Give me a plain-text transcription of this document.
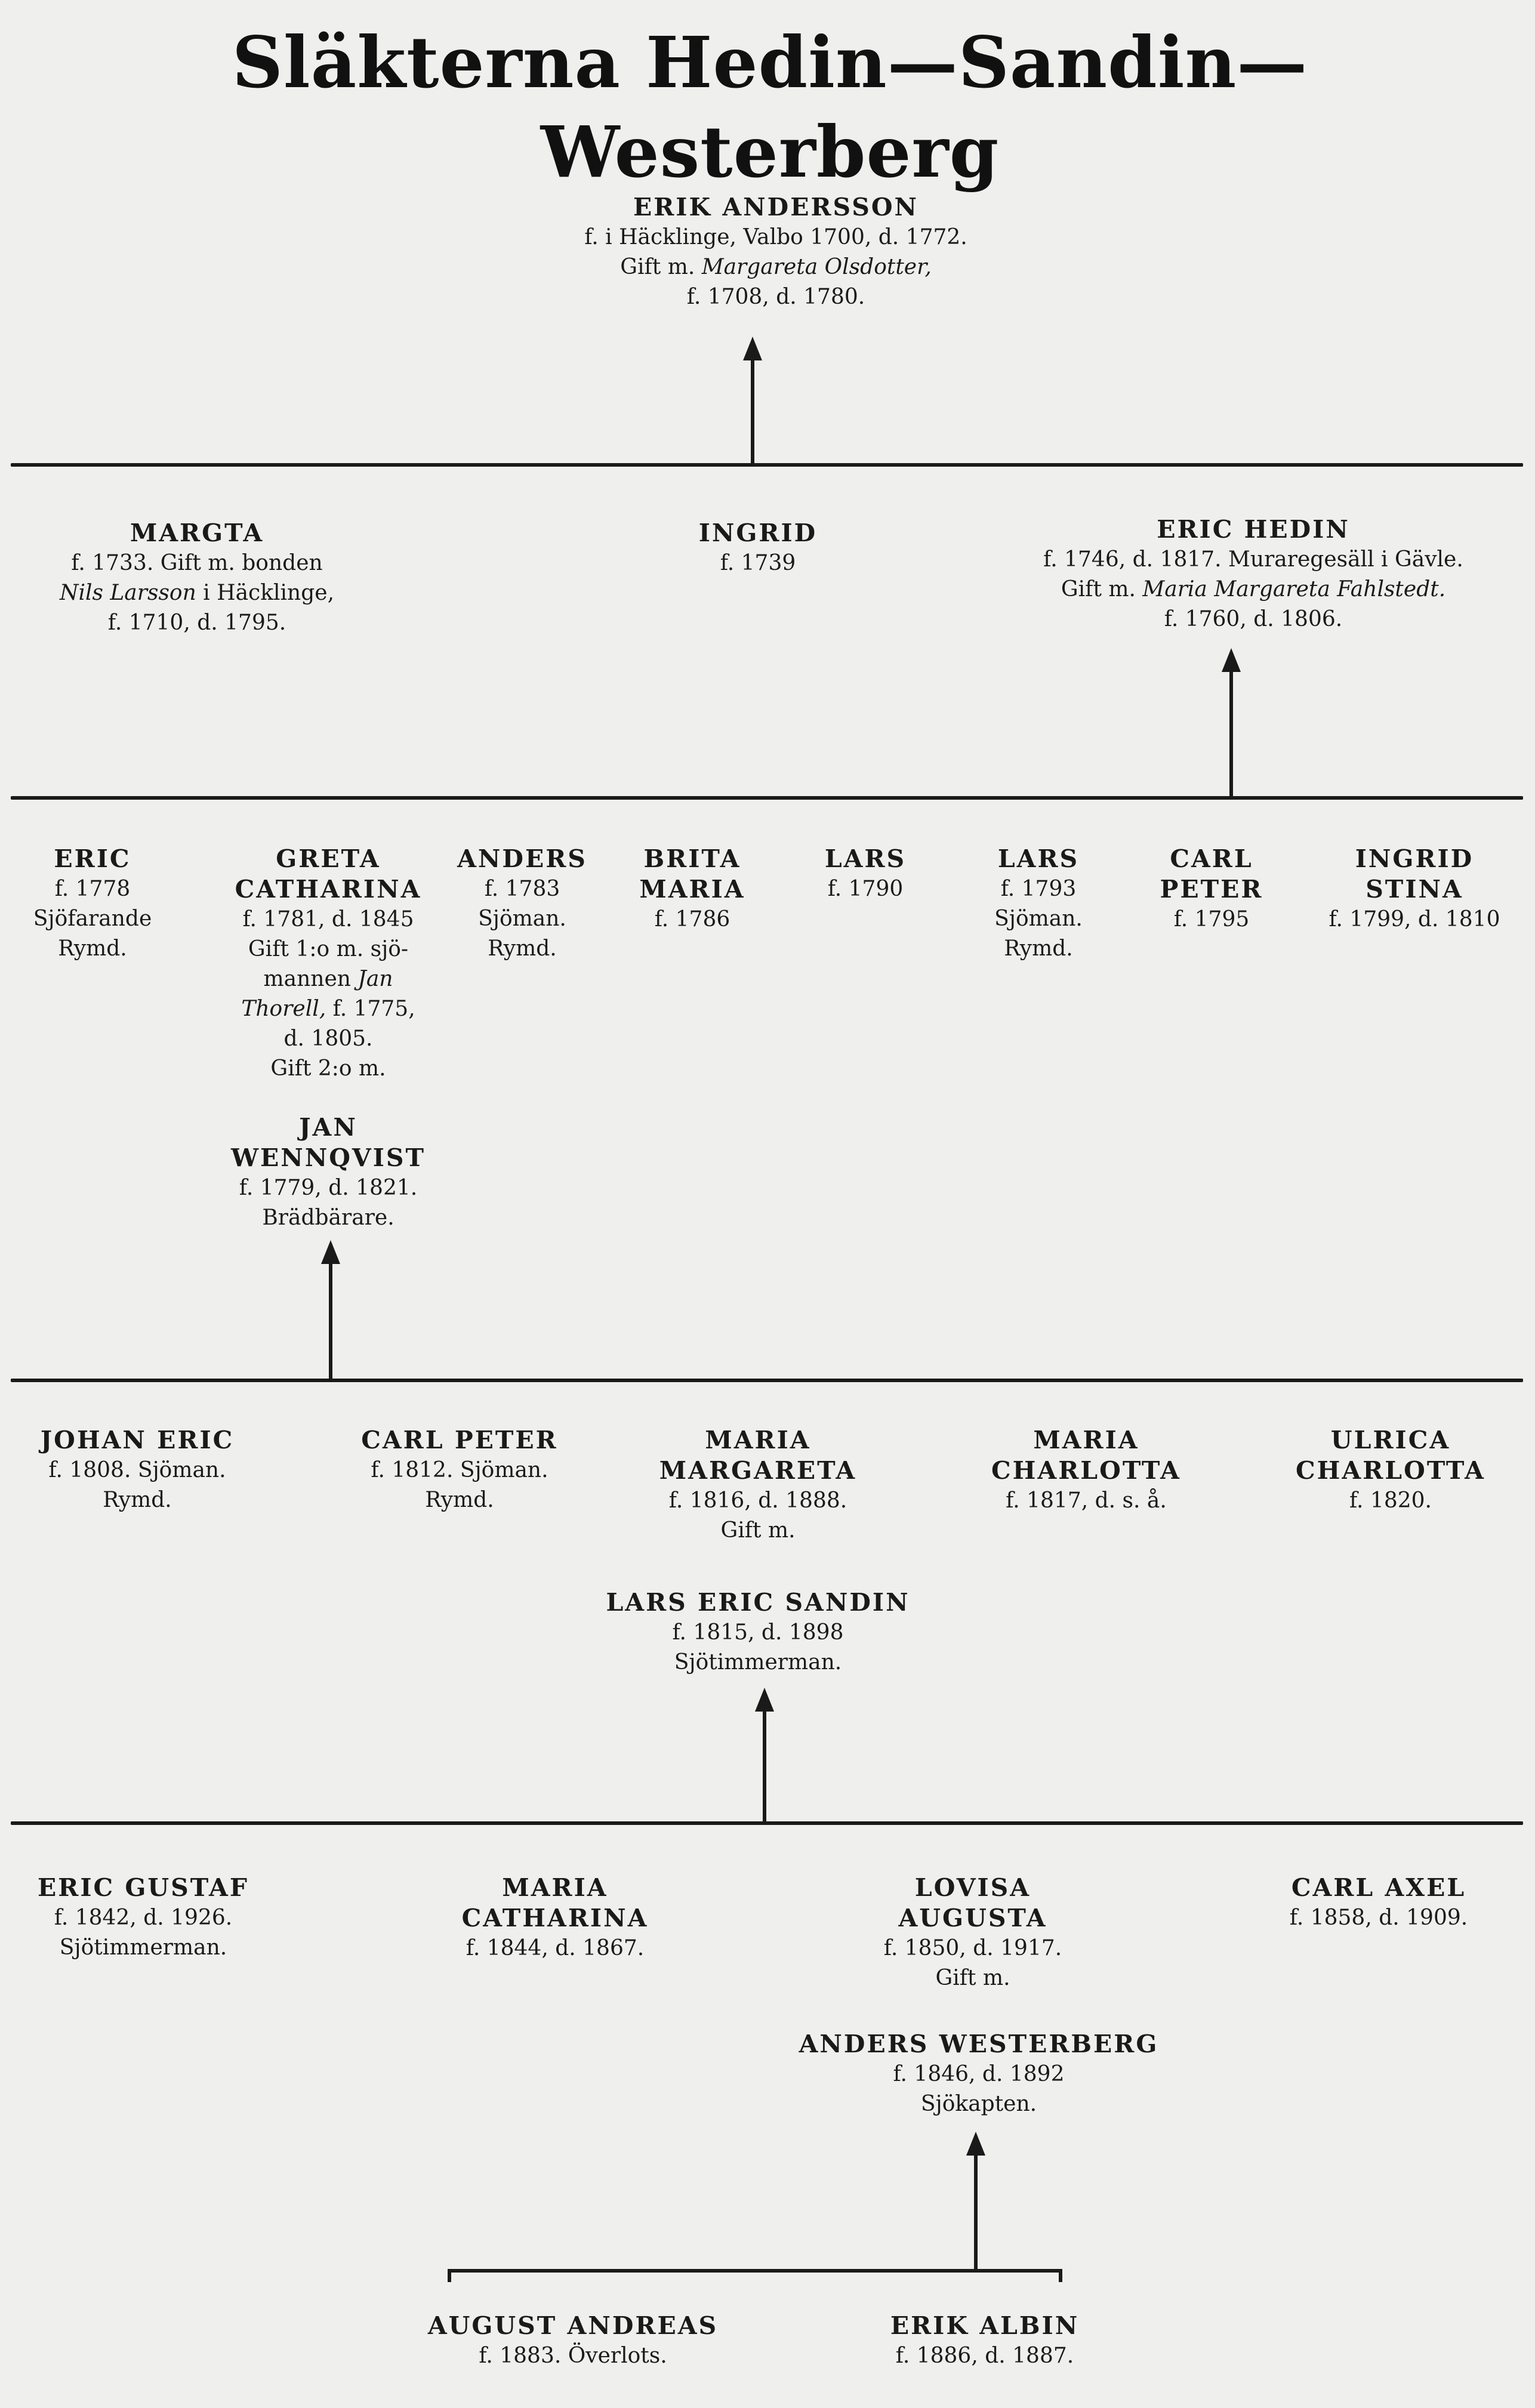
Släkterna Hedin—Sandin—Westerberg
ERIK ANDERSSON
f. i Häcklinge, Valbo 1700, d. 1772.
Gift m. Margareta Olsdotter,
f. 1708, d. 1780.
MARGTA
f. 1733. Gift m. bonden
Nils Larsson i Häcklinge,
f. 1710, d. 1795.
INGRID
f. 1739
ERIC HEDIN
f. 1746, d. 1817. Muraregesäll i Gävle.
Gift m. Maria Margareta Fahlstedt.
f. 1760, d. 1806.
ERIC
f. 1778
Sjöfarande
Rymd.
GRETA
CATHARINA
f. 1781, d. 1845
Gift 1:o m. sjö-
mannen Jan
Thorell, f. 1775,
d. 1805.
Gift 2:o m.
ANDERS
f. 1783
Sjöman.
Rymd.
BRITA
MARIA
f. 1786
LARS
f. 1790
LARS
f. 1793
Sjöman.
Rymd.
CARL
PETER
f. 1795
INGRID
STINA
f. 1799, d. 1810
JAN
WENNQVIST
f. 1779, d. 1821.
Brädbärare.
JOHAN ERIC
f. 1808. Sjöman.
Rymd.
CARL PETER
f. 1812. Sjöman.
Rymd.
MARIA
MARGARETA
f. 1816, d. 1888.
Gift m.
MARIA
CHARLOTTA
f. 1817, d. s. å.
ULRICA
CHARLOTTA
f. 1820.
LARS ERIC SANDIN
f. 1815, d. 1898
Sjötimmerman.
ERIC GUSTAF
f. 1842, d. 1926.
Sjötimmerman.
MARIA
CATHARINA
f. 1844, d. 1867.
LOVISA
AUGUSTA
f. 1850, d. 1917.
Gift m.
CARL AXEL
f. 1858, d. 1909.
ANDERS WESTERBERG
f. 1846, d. 1892
Sjökapten.
AUGUST ANDREAS
f. 1883. Överlots.
ERIK ALBIN
f. 1886, d. 1887.
